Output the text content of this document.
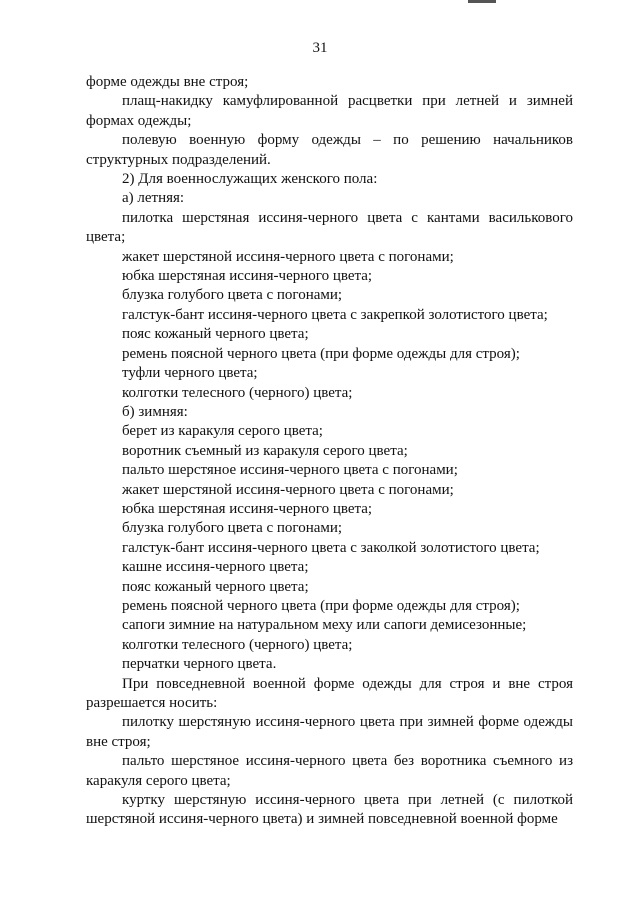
31

форме одежды вне строя;

плащ-накидку камуфлированной расцветки при летней и зимней формах одежды;

полевую военную форму одежды – по решению начальников структурных подразделений.

2) Для военнослужащих женского пола:

а) летняя:

пилотка шерстяная иссиня-черного цвета с кантами василькового цвета;

жакет шерстяной иссиня-черного цвета с погонами;

юбка шерстяная иссиня-черного цвета;

блузка голубого цвета с погонами;

галстук-бант иссиня-черного цвета с закрепкой золотистого цвета;

пояс кожаный черного цвета;

ремень поясной черного цвета (при форме одежды для строя);

туфли черного цвета;

колготки телесного (черного) цвета;

б) зимняя:

берет из каракуля серого цвета;

воротник съемный из каракуля серого цвета;

пальто шерстяное иссиня-черного цвета с погонами;

жакет шерстяной иссиня-черного цвета с погонами;

юбка шерстяная иссиня-черного цвета;

блузка голубого цвета с погонами;

галстук-бант иссиня-черного цвета с заколкой золотистого цвета;

кашне иссиня-черного цвета;

пояс кожаный черного цвета;

ремень поясной черного цвета (при форме одежды для строя);

сапоги зимние на натуральном меху или сапоги демисезонные;

колготки телесного (черного) цвета;

перчатки черного цвета.

При повседневной военной форме одежды для строя и вне строя разрешается носить:

пилотку шерстяную иссиня-черного цвета при зимней форме одежды вне строя;

пальто шерстяное иссиня-черного цвета без воротника съемного из каракуля серого цвета;

куртку шерстяную иссиня-черного цвета при летней (с пилоткой шерстяной иссиня-черного цвета) и зимней повседневной военной форме
